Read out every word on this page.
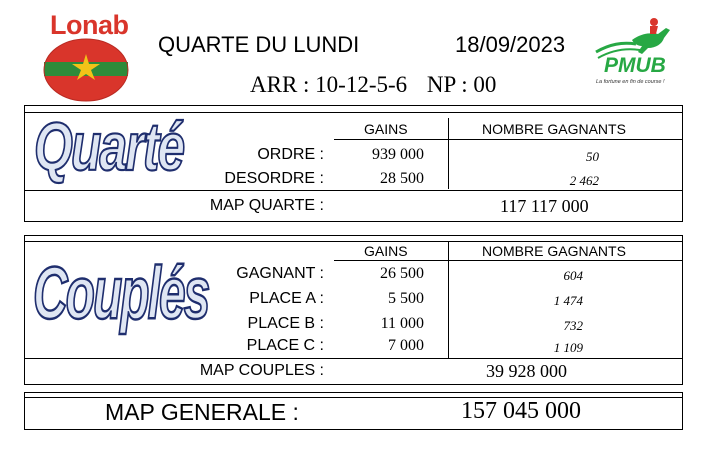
Lonab
QUARTE DU LUNDI	18/09/2023
ARR : 10-12-5-6 NP : 00
PMUB
La fortune en fin de course !
Quarté	GAINS	NOMBRE GAGNANTS
ORDRE :	939 000	50
DESORDRE :	28 500	2 462
MAP QUARTE :	117 117 000
Couplés
GAINS	NOMBRE GAGNANTS
GAGNANT :	26 500	604
PLACE A :	5 500	1 474
PLACE B :	11 000	732
PLACE C :	7 000	1 109
MAP COUPLES :	39 928 000
MAP GENERALE :	157 045 000
